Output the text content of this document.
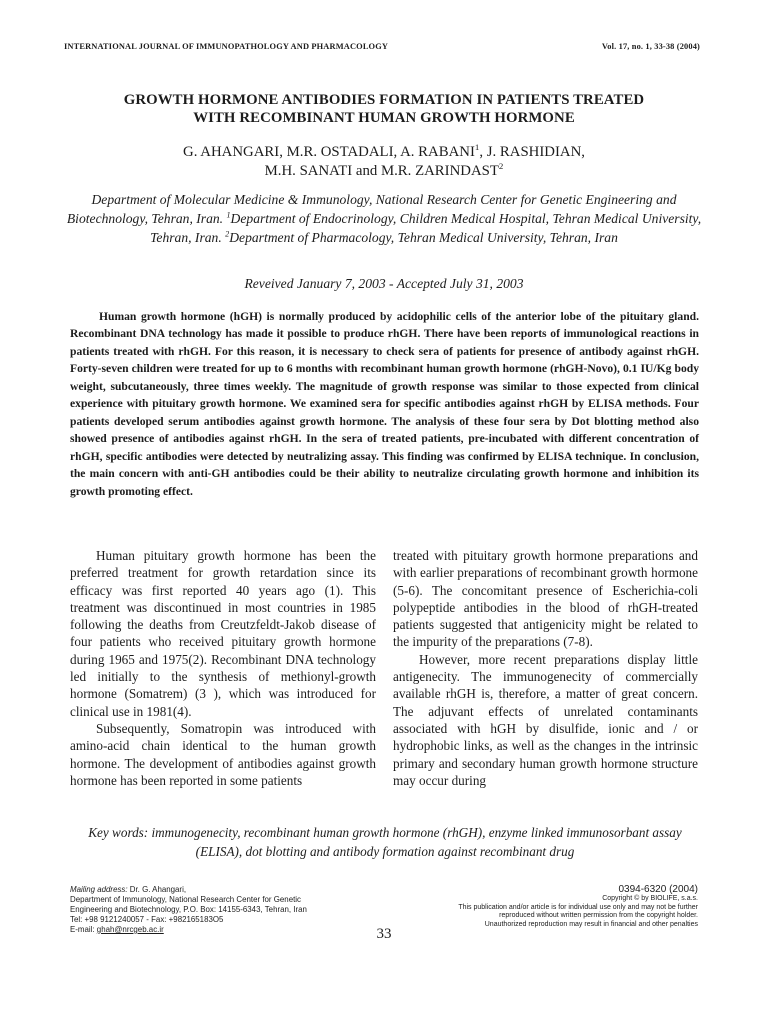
INTERNATIONAL JOURNAL OF IMMUNOPATHOLOGY AND PHARMACOLOGY	Vol. 17, no. 1, 33-38 (2004)
GROWTH HORMONE ANTIBODIES FORMATION IN PATIENTS TREATED
WITH RECOMBINANT HUMAN GROWTH HORMONE
G. AHANGARI, M.R. OSTADALI, A. RABANI$^1$, J. RASHIDIAN,
M.H. SANATI and M.R. ZARINDAST$^2$
Department of Molecular Medicine & Immunology, National Research Center for Genetic Engineering and Biotechnology, Tehran, Iran. $^1$Department of Endocrinology, Children Medical Hospital, Tehran Medical University, Tehran, Iran. $^2$Department of Pharmacology, Tehran Medical University, Tehran, Iran
Reveived January 7, 2003 - Accepted July 31, 2003
Human growth hormone (hGH) is normally produced by acidophilic cells of the anterior lobe of the pituitary gland. Recombinant DNA technology has made it possible to produce rhGH. There have been reports of immunological reactions in patients treated with rhGH. For this reason, it is necessary to check sera of patients for presence of antibody against rhGH. Forty-seven children were treated for up to 6 months with recombinant human growth hormone (rhGH-Novo), 0.1 IU/Kg body weight, subcutaneously, three times weekly. The magnitude of growth response was similar to those expected from clinical experience with pituitary growth hormone. We examined sera for specific antibodies against rhGH by ELISA methods. Four patients developed serum antibodies against growth hormone. The analysis of these four sera by Dot blotting method also showed presence of antibodies against rhGH. In the sera of treated patients, pre-incubated with different concentration of rhGH, specific antibodies were detected by neutralizing assay. This finding was confirmed by ELISA technique. In conclusion, the main concern with anti-GH antibodies could be their ability to neutralize circulating growth hormone and inhibition its growth promoting effect.

Human pituitary growth hormone has been the preferred treatment for growth retardation since its efficacy was first reported 40 years ago (1). This treatment was discontinued in most countries in 1985 following the deaths from Creutzfeldt-Jakob disease of four patients who received pituitary growth hormone during 1965 and 1975(2). Recombinant DNA technology led initially to the synthesis of methionyl-growth hormone (Somatrem) (3 ), which was introduced for clinical use in 1981(4).

Subsequently, Somatropin was introduced with amino-acid chain identical to the human growth hormone. The development of antibodies against growth hormone has been reported in some patients

treated with pituitary growth hormone preparations and with earlier preparations of recombinant growth hormone (5-6). The concomitant presence of Escherichia-coli polypeptide antibodies in the blood of rhGH-treated patients suggested that antigenicity might be related to the impurity of the preparations (7-8).

However, more recent preparations display little antigenecity. The immunogenecity of commercially available rhGH is, therefore, a matter of great concern. The adjuvant effects of unrelated contaminants associated with hGH by disulfide, ionic and / or hydrophobic links, as well as the changes in the intrinsic primary and secondary human growth hormone structure may occur during

Key words: immunogenecity, recombinant human growth hormone (rhGH), enzyme linked immunosorbant assay (ELISA), dot blotting and antibody formation against recombinant drug
Mailing address: Dr. G. Ahangari,
Department of Immunology, National Research Center for Genetic
Engineering and Biotechnology, P.O. Box: 14155-6343, Tehran, Iran
Tel: +98 9121240057 - Fax: +982165183O5
E-mail: ghah@nrcgeb.ac.ir	33
0394-6320 (2004)
Copyright © by BIOLIFE, s.a.s.
This publication and/or article is for individual use only and may not be further
reproduced without written permission from the copyright holder.
Unauthorized reproduction may result in financial and other penalties
